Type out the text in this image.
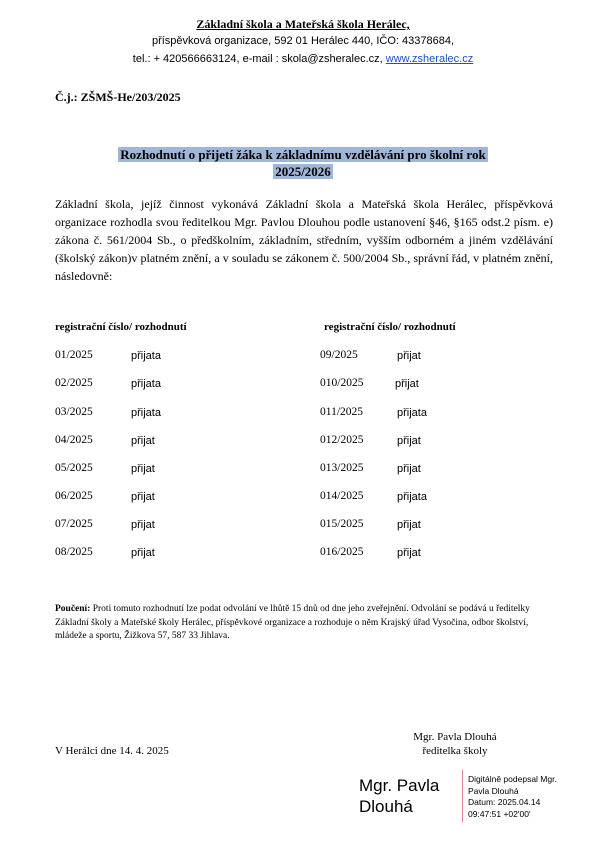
Základní škola a Mateřská škola Herálec,
příspěvková organizace, 592 01 Herálec 440, IČO: 43378684,
tel.: + 420566663124, e-mail : skola@zsheralec.cz, www.zsheralec.cz
Č.j.: ZŠMŠ-He/203/2025
Rozhodnutí o přijetí žáka k základnímu vzdělávání pro školní rok
2025/2026
Základní škola, jejíž činnost vykonává Základní škola a Mateřská škola Herálec, příspěvková organizace rozhodla svou ředitelkou Mgr. Pavlou Dlouhou podle ustanovení §46, §165 odst.2 písm. e) zákona č. 561/2004 Sb., o předškolním, základním, středním, vyšším odborném a jiném vzdělávání (školský zákon)v platném znění, a v souladu se zákonem č. 500/2004 Sb., správní řád, v platném znění, následovně:
registrační číslo/ rozhodnutí	registrační číslo/ rozhodnutí
01/2025	přijata
02/2025	přijata
03/2025	přijata
04/2025	přijat
05/2025	přijat
06/2025	přijat
07/2025	přijat
08/2025	přijat
09/2025	přijat
010/2025	přijat
011/2025	přijata
012/2025	přijat
013/2025	přijat
014/2025	přijata
015/2025	přijat
016/2025	přijat
Poučení: Proti tomuto rozhodnutí lze podat odvolání ve lhůtě 15 dnů od dne jeho zveřejnění. Odvolání se podává u ředitelky Základní školy a Mateřské školy Herálec, příspěvkové organizace a rozhoduje o něm Krajský úřad Vysočina, odbor školství, mládeže a sportu, Žižkova 57, 587 33 Jihlava.
V Herálci dne 14. 4. 2025
Mgr. Pavla Dlouhá
ředitelka školy
Mgr. Pavla
Dlouhá
Digitálně podepsal Mgr.
Pavla Dlouhá
Datum: 2025.04.14
09:47:51 +02'00'
